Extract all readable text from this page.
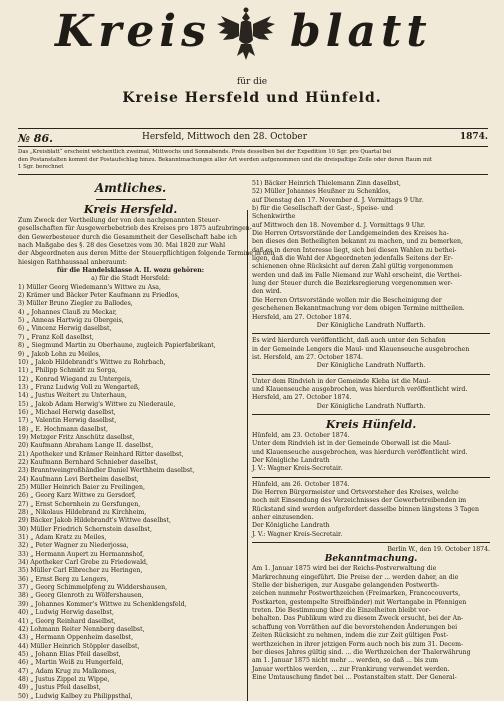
Kreis blatt
für die
Kreise Hersfeld und Hünfeld.
№ 86.	Hersfeld, Mittwoch den 28. October	1874.
Das „Kreisblatt“ erscheint wöchentlich zweimal, Mittwochs und Sonnabends. Preis desselben bei der Expedition 10 Sgr. pro Quartal bei
den Postanstalten kommt der Postaufschlag hinzu. Bekanntmachungen aller Art werden aufgenommen und die dreispaltige Zeile oder deren Raum mit
1 Sgr. berechnet
Amtliches.
Kreis Hersfeld.
Zum Zweck der Vertheilung der von den nachgenannten Steuer-
gesellschaften für Ausgewerbebetrieb des Kreises pro 1875 aufzubringen-
den Gewerbesteuer durch die Gesammtheit der Gesellschaft habe ich
nach Maßgabe des §. 28 des Gesetzes vom 30. Mai 1820 zur Wahl
der Abgeordneten aus deren Mitte der Steuerpflichtigen folgende Termine in den
hiesigen Rathhaussaal anberaumt:
für die Handelsklasse A. II. wozu gehören:
a) für die Stadt Hersfeld:
1) Müller Georg Wiedemann's Wittwe zu Asa,
2) Krämer und Bäcker Peter Kaufmann zu Friedlos,
3) Müller Bruno Ziegler zu Ballodes,
4) „ Johannes Clauß zu Meckar,
5) „ Anneas Hartwig zu Obergeis,
6) „ Vincenz Herwig daselbst,
7) „ Franz Koll daselbst,
8) „ Siegmund Martin zu Oberhaune, zugleich Papierfabrikant,
9) „ Jakob Lohn zu Meiles,
10) „ Jakob Hildebrandt's Wittwe zu Rohrbach,
11) „ Philipp Schmidt zu Sorga,
12) „ Konrad Wiegand zu Untergeis,
13) „ Franz Ludwig Voll zu Wengarteß,
14) „ Justus Weitert zu Unterhaun,
15) „ Jakob Adam Herwig's Wittwe zu Niederaule,
16) „ Michael Herwig daselbst,
17) „ Valentin Herwig daselbst,
18) „ E. Hochmann daselbst,
19) Metzger Fritz Anschütz daselbst,
20) Kaufmann Abraham Lange II. daselbst,
21) Apotheker und Krämer Reinhard Ritter daselbst,
22) Kaufmann Bernhard Schnieber daselbst,
23) Branntweingroßhändler Daniel Werthheim daselbst,
24) Kaufmann Levi Bertheim daselbst,
25) Müller Heinrich Baier zu Freilingen,
26) „ Georg Karz Wittwe zu Gersdorf,
27) „ Ernst Schernhein zu Gersfungen,
28) „ Nikolaus Hildebrand zu Kirchheim,
29) Bäcker Jakob Hildebrandt's Wittwe daselbst,
30) Müller Friedrich Schernstein daselbst,
31) „ Adam Kratz zu Meiles,
32) „ Peter Wagner zu Niederjossa,
33) „ Hermann Aupert zu Hermannshof,
34) Apotheker Carl Grebe zu Friedewald,
35) Müller Carl Elbrecher zu Heringen,
36) „ Ernst Berg zu Lengers,
37) „ Georg Schimmelpfeng zu Widdershausen,
38) „ Georg Glenroth zu Wölfershausen,
39) „ Johannes Kommer's Wittwe zu Schenklengsfeld,
40) „ Ludwig Herwig daselbst,
41) „ Georg Reinhard daselbst,
42) Lohmann Reiter Nennberg daselbst,
43) „ Hermann Oppenheim daselbst,
44) Müller Heinrich Stöppler daselbst,
45) „ Johann Elias Pfeil daselbst,
46) „ Martin Weiß zu Hungerfeld,
47) „ Adam Krug zu Malkomes,
48) „ Justus Zippel zu Wippe,
49) „ Justus Pfeil daselbst,
50) „ Ludwig Kalbey zu Philippsthal,
51) Bäcker Heinrich Thielemann Zinn daselbst,
52) Müller Johannes Heußner zu Schenklos,
auf Dienstag den 17. November d. J. Vormittags 9 Uhr.
b) für die Gesellschaft der Gast-, Speise- und
Schenkwirthe
auf Mittwoch den 18. November d. J. Vormittags 9 Uhr.
Die Herren Ortsvorstände der Landgemeinden des Kreises ha-
ben dieses den Betheiligten bekannt zu machen, und zu bemerken,
daß es in deren Interesse liegt, sich bei diesen Wahlen zu bethei-
ligen, daß die Wahl der Abgeordneten jedenfalls Seitens der Er-
schienenen ohne Rücksicht auf deren Zahl gültig vorgenommen
werden und daß im Falle Niemand zur Wahl erscheint, die Verthei-
lung der Steuer durch die Bezirksregierung vorgenommen wer-
den wird.
Die Herren Ortsvorstände wollen mir die Bescheinigung der
geschehenen Bekanntmachung vor dem obigen Termine mittheilen.
Hersfeld, am 27. October 1874.
Der Königliche Landrath Nuffarth.
Es wird hierdurch veröffentlicht, daß auch unter den Schafen
in der Gemeinde Lengers die Maul- und Klauenseuche ausgebrochen
ist. Hersfeld, am 27. October 1874.
Der Königliche Landrath Nuffarth.
Unter dem Rindvieh in der Gemeinde Kleba ist die Maul-
und Klauenseuche ausgebrochen, was hierdurch veröffentlicht wird.
Hersfeld, am 27. October 1874.
Der Königliche Landrath Nuffarth.
Kreis Hünfeld.
Hünfeld, am 23. October 1874.
Unter dem Rindvieh ist in der Gemeinde Oberwall ist die Maul-
und Klauenseuche ausgebrochen, was hierdurch veröffentlicht wird.
Der Königliche Landrath
J. V.: Wagner Kreis-Secretair.
Hünfeld, am 26. October 1874.
Die Herren Bürgermeister und Ortsvorsteher des Kreises, welche
noch mit Einsendung des Verzeichnisses der Gewerbetreibenden im
Rückstand sind werden aufgefordert dasselbe binnen längstens 3 Tagen
anher einzusenden.
Der Königliche Landrath
J. V.: Wagner Kreis-Secretair.
Berlin W., den 19. October 1874.
Bekanntmachung.
Am 1. Januar 1875 wird bei der Reichs-Postverwaltung die
Markrechnung eingeführt. Die Preise der ... werden daher, an die
Stelle der bisherigen, zur Ausgabe gelangenden Postwerth-
zeichen nunmehr Postwerthzeichen (Freimarken, Francocouverts,
Postkarten, gestempelte Streifbänder) mit Wertangabe in Pfennigen
treten. Die Bestimmung über die Einzelheiten bleibt vor-
behalten. Das Publikum wird zu diesem Zweck ersucht, bei der An-
schaffung von Vorräthen auf die bevorstehenden Änderungen bei
Zeiten Rücksicht zu nehmen, indem die zur Zeit gültigen Post-
werthzeichen in ihrer jetzigen Form auch noch bis zum 31. Decem-
ber dieses Jahres gültig sind. ... die Werthzeichen der Thalerwährung
am 1. Januar 1875 nicht mehr ... werden, so daß ... bis zum
Januar werthlos werden, ... zur Frankirung verwendet werden.
Eine Umtauschung findet bei ... Postanstalten statt. Der General-
